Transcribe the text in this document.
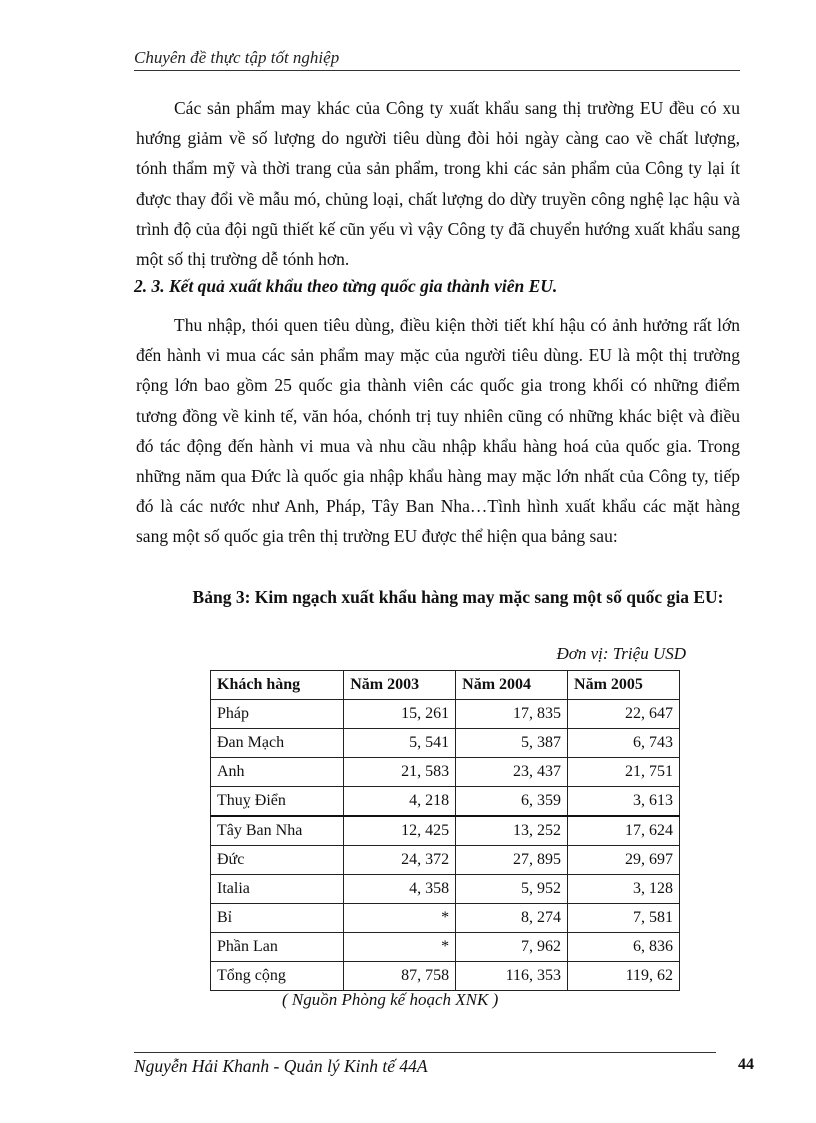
Chuyên đề thực tập tốt nghiệp

Các sản phẩm may khác của Công ty xuất khẩu sang thị trường EU đều có xu hướng giảm về số lượng do người tiêu dùng đòi hỏi ngày càng cao về chất lượng, tónh thẩm mỹ và thời trang của sản phẩm, trong khi các sản phẩm của Công ty lại ít được thay đổi về mẫu mó, chủng loại, chất lượng do dừy truyền công nghệ lạc hậu và trình độ của đội ngũ thiết kế cũn yếu vì vậy Công ty đã chuyển hướng xuất khẩu sang một số thị trường dễ tónh hơn.

2. 3. Kết quả xuất khẩu theo từng quốc gia thành viên EU.

Thu nhập, thói quen tiêu dùng, điều kiện thời tiết khí hậu có ảnh hưởng rất lớn đến hành vi mua các sản phẩm may mặc của người tiêu dùng. EU là một thị trường rộng lớn bao gồm 25 quốc gia thành viên các quốc gia trong khối có những điểm tương đồng về kinh tế, văn hóa, chónh trị tuy nhiên cũng có những khác biệt và điều đó tác động đến hành vi mua và nhu cầu nhập khẩu hàng hoá của quốc gia. Trong những năm qua Đức là quốc gia nhập khẩu hàng may mặc lớn nhất của Công ty, tiếp đó là các nước như Anh, Pháp, Tây Ban Nha…Tình hình xuất khẩu các mặt hàng sang một số quốc gia trên thị trường EU được thể hiện qua bảng sau:

Bảng 3: Kim ngạch xuất khẩu hàng may mặc sang một số quốc gia EU:
Đơn vị: Triệu USD
Khách hàng	Năm 2003	Năm 2004	Năm 2005
Pháp	15, 261	17, 835	22, 647
Đan Mạch	5, 541	5, 387	6, 743
Anh	21, 583	23, 437	21, 751
Thuỵ Điển	4, 218	6, 359	3, 613
Tây Ban Nha	12, 425	13, 252	17, 624
Đức	24, 372	27, 895	29, 697
Italia	4, 358	5, 952	3, 128
Bỉ	*	8, 274	7, 581
Phần Lan	*	7, 962	6, 836
Tổng cộng	87, 758	116, 353	119, 62
( Nguồn Phòng kế hoạch XNK )
Nguyễn Hải Khanh - Quản lý Kinh tế 44A	44
